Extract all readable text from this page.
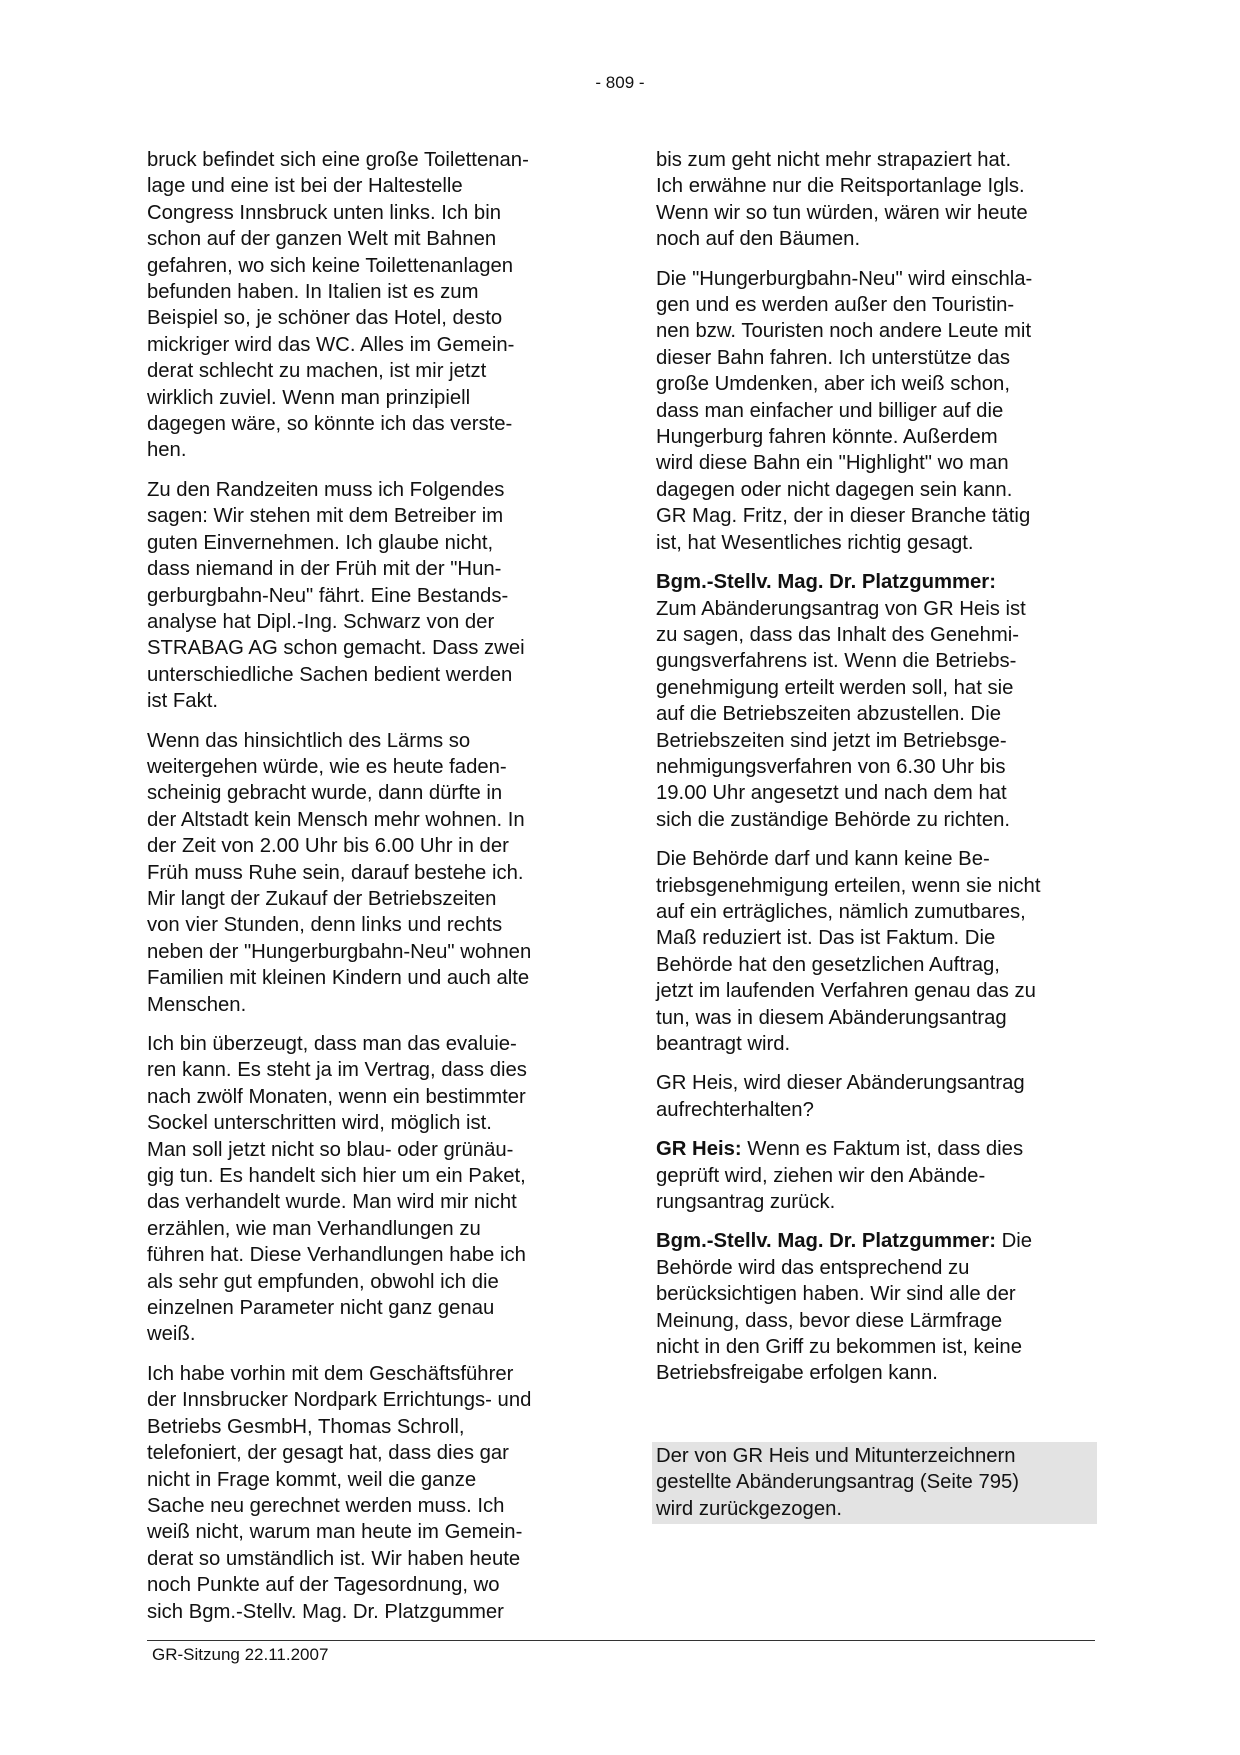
- 809 -

bruck befindet sich eine große Toilettenan-
lage und eine ist bei der Haltestelle
Congress Innsbruck unten links. Ich bin
schon auf der ganzen Welt mit Bahnen
gefahren, wo sich keine Toilettenanlagen
befunden haben. In Italien ist es zum
Beispiel so, je schöner das Hotel, desto
mickriger wird das WC. Alles im Gemein-
derat schlecht zu machen, ist mir jetzt
wirklich zuviel. Wenn man prinzipiell
dagegen wäre, so könnte ich das verste-
hen.

Zu den Randzeiten muss ich Folgendes
sagen: Wir stehen mit dem Betreiber im
guten Einvernehmen. Ich glaube nicht,
dass niemand in der Früh mit der "Hun-
gerburgbahn-Neu" fährt. Eine Bestands-
analyse hat Dipl.-Ing. Schwarz von der
STRABAG AG schon gemacht. Dass zwei
unterschiedliche Sachen bedient werden
ist Fakt.

Wenn das hinsichtlich des Lärms so
weitergehen würde, wie es heute faden-
scheinig gebracht wurde, dann dürfte in
der Altstadt kein Mensch mehr wohnen. In
der Zeit von 2.00 Uhr bis 6.00 Uhr in der
Früh muss Ruhe sein, darauf bestehe ich.
Mir langt der Zukauf der Betriebszeiten
von vier Stunden, denn links und rechts
neben der "Hungerburgbahn-Neu" wohnen
Familien mit kleinen Kindern und auch alte
Menschen.

Ich bin überzeugt, dass man das evaluie-
ren kann. Es steht ja im Vertrag, dass dies
nach zwölf Monaten, wenn ein bestimmter
Sockel unterschritten wird, möglich ist.
Man soll jetzt nicht so blau- oder grünäu-
gig tun. Es handelt sich hier um ein Paket,
das verhandelt wurde. Man wird mir nicht
erzählen, wie man Verhandlungen zu
führen hat. Diese Verhandlungen habe ich
als sehr gut empfunden, obwohl ich die
einzelnen Parameter nicht ganz genau
weiß.

Ich habe vorhin mit dem Geschäftsführer
der Innsbrucker Nordpark Errichtungs- und
Betriebs GesmbH, Thomas Schroll,
telefoniert, der gesagt hat, dass dies gar
nicht in Frage kommt, weil die ganze
Sache neu gerechnet werden muss. Ich
weiß nicht, warum man heute im Gemein-
derat so umständlich ist. Wir haben heute
noch Punkte auf der Tagesordnung, wo
sich Bgm.-Stellv. Mag. Dr. Platzgummer

bis zum geht nicht mehr strapaziert hat.
Ich erwähne nur die Reitsportanlage Igls.
Wenn wir so tun würden, wären wir heute
noch auf den Bäumen.

Die "Hungerburgbahn-Neu" wird einschla-
gen und es werden außer den Touristin-
nen bzw. Touristen noch andere Leute mit
dieser Bahn fahren. Ich unterstütze das
große Umdenken, aber ich weiß schon,
dass man einfacher und billiger auf die
Hungerburg fahren könnte. Außerdem
wird diese Bahn ein "Highlight" wo man
dagegen oder nicht dagegen sein kann.
GR Mag. Fritz, der in dieser Branche tätig
ist, hat Wesentliches richtig gesagt.

Bgm.-Stellv. Mag. Dr. Platzgummer:
Zum Abänderungsantrag von GR Heis ist
zu sagen, dass das Inhalt des Genehmi-
gungsverfahrens ist. Wenn die Betriebs-
genehmigung erteilt werden soll, hat sie
auf die Betriebszeiten abzustellen. Die
Betriebszeiten sind jetzt im Betriebsge-
nehmigungsverfahren von 6.30 Uhr bis
19.00 Uhr angesetzt und nach dem hat
sich die zuständige Behörde zu richten.

Die Behörde darf und kann keine Be-
triebsgenehmigung erteilen, wenn sie nicht
auf ein erträgliches, nämlich zumutbares,
Maß reduziert ist. Das ist Faktum. Die
Behörde hat den gesetzlichen Auftrag,
jetzt im laufenden Verfahren genau das zu
tun, was in diesem Abänderungsantrag
beantragt wird.

GR Heis, wird dieser Abänderungsantrag
aufrechterhalten?

GR Heis: Wenn es Faktum ist, dass dies
geprüft wird, ziehen wir den Abände-
rungsantrag zurück.

Bgm.-Stellv. Mag. Dr. Platzgummer: Die
Behörde wird das entsprechend zu
berücksichtigen haben. Wir sind alle der
Meinung, dass, bevor diese Lärmfrage
nicht in den Griff zu bekommen ist, keine
Betriebsfreigabe erfolgen kann.

Der von GR Heis und Mitunterzeichnern
gestellte Abänderungsantrag (Seite 795)
wird zurückgezogen.
GR-Sitzung 22.11.2007
